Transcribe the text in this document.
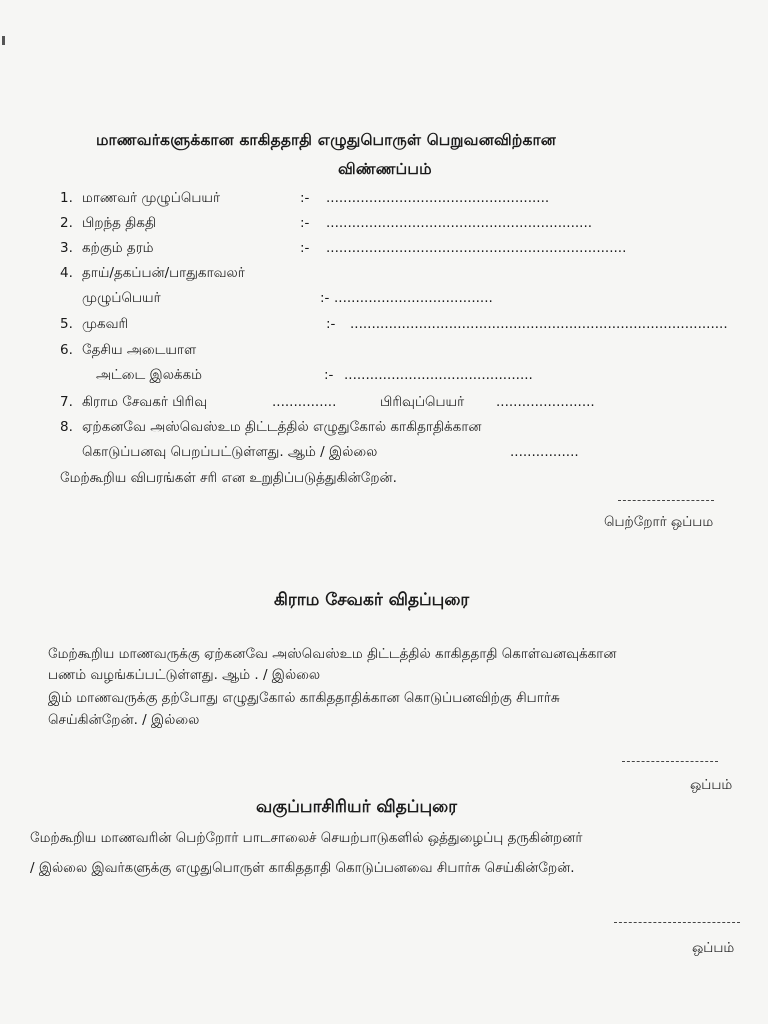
மாணவர்களுக்கான காகிததாதி எழுதுபொருள் பெறுவனவிற்கான
விண்ணப்பம்
1. மாணவர் முழுப்பெயர்	:- ....................................................
2. பிறந்த திகதி	:- ..............................................................
3. கற்கும் தரம்	:- ......................................................................
4. தாய்/தகப்பன்/பாதுகாவலர்
முழுப்பெயர்	:- .....................................
5. முகவரி	:- ........................................................................................
6. தேசிய அடையாள
அட்டை இலக்கம்	:- ............................................
7. கிராம சேவகர் பிரிவு	...............	பிரிவுப்பெயர் .......................
8. ஏற்கனவே அஸ்வெஸ்உம திட்டத்தில் எழுதுகோல் காகிதாதிக்கான
கொடுப்பனவு பெறப்பட்டுள்ளது. ஆம் / இல்லை	................
மேற்கூறிய விபரங்கள் சரி என உறுதிப்படுத்துகின்றேன்.
பெற்றோர் ஒப்பம
கிராம சேவகர் விதப்புரை
மேற்கூறிய மாணவருக்கு ஏற்கனவே அஸ்வெஸ்உம திட்டத்தில் காகிததாதி கொள்வனவுக்கான
பணம் வழங்கப்பட்டுள்ளது. ஆம் . / இல்லை
இம் மாணவருக்கு தற்போது எழுதுகோல் காகிததாதிக்கான கொடுப்பனவிற்கு சிபார்சு
செய்கின்றேன். / இல்லை
ஒப்பம்
வகுப்பாசிரியர் விதப்புரை
மேற்கூறிய மாணவரின் பெற்றோர் பாடசாலைச் செயற்பாடுகளில் ஒத்துழைப்பு தருகின்றனர்
/ இல்லை இவர்களுக்கு எழுதுபொருள் காகிததாதி கொடுப்பனவை சிபார்சு செய்கின்றேன்.
ஒப்பம்
